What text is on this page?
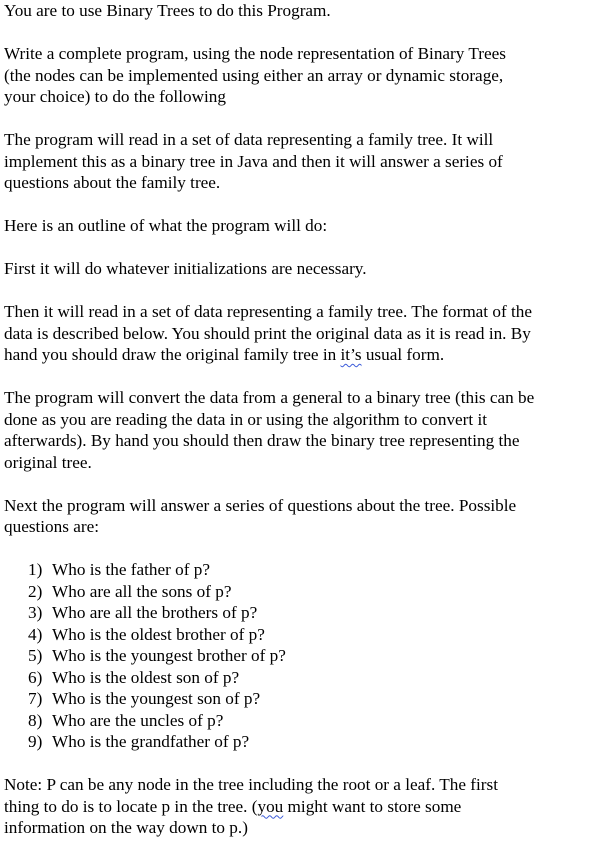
You are to use Binary Trees to do this Program.

Write a complete program, using the node representation of Binary Trees
(the nodes can be implemented using either an array or dynamic storage,
your choice) to do the following

The program will read in a set of data representing a family tree. It will
implement this as a binary tree in Java and then it will answer a series of
questions about the family tree.

Here is an outline of what the program will do:

First it will do whatever initializations are necessary.

Then it will read in a set of data representing a family tree. The format of the
data is described below. You should print the original data as it is read in. By
hand you should draw the original family tree in it’s usual form.

The program will convert the data from a general to a binary tree (this can be
done as you are reading the data in or using the algorithm to convert it
afterwards). By hand you should then draw the binary tree representing the
original tree.

Next the program will answer a series of questions about the tree. Possible
questions are:

1) Who is the father of p?
2) Who are all the sons of p?
3) Who are all the brothers of p?
4) Who is the oldest brother of p?
5) Who is the youngest brother of p?
6) Who is the oldest son of p?
7) Who is the youngest son of p?
8) Who are the uncles of p?
9) Who is the grandfather of p?

Note: P can be any node in the tree including the root or a leaf. The first
thing to do is to locate p in the tree. (you might want to store some
information on the way down to p.)
